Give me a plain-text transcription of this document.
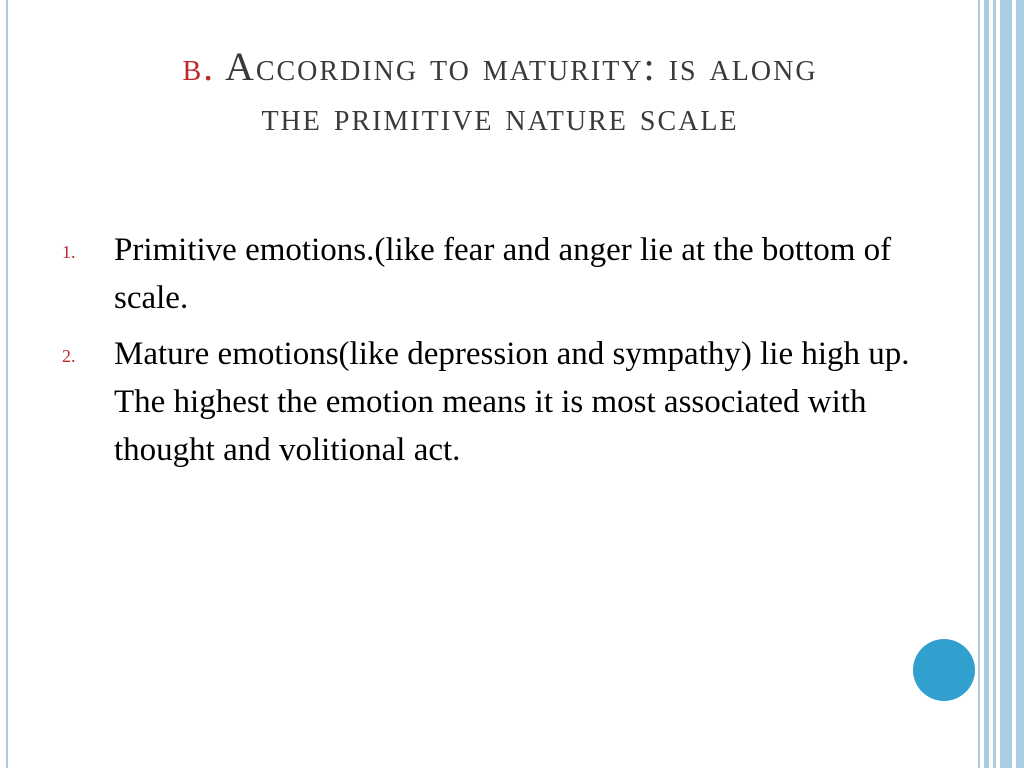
b. According to maturity: is along
the primitive nature scale
1. Primitive emotions.(like fear and anger lie at the bottom of scale.
2. Mature emotions(like depression and sympathy) lie high up. The highest the emotion means it is most associated with thought and volitional act.
